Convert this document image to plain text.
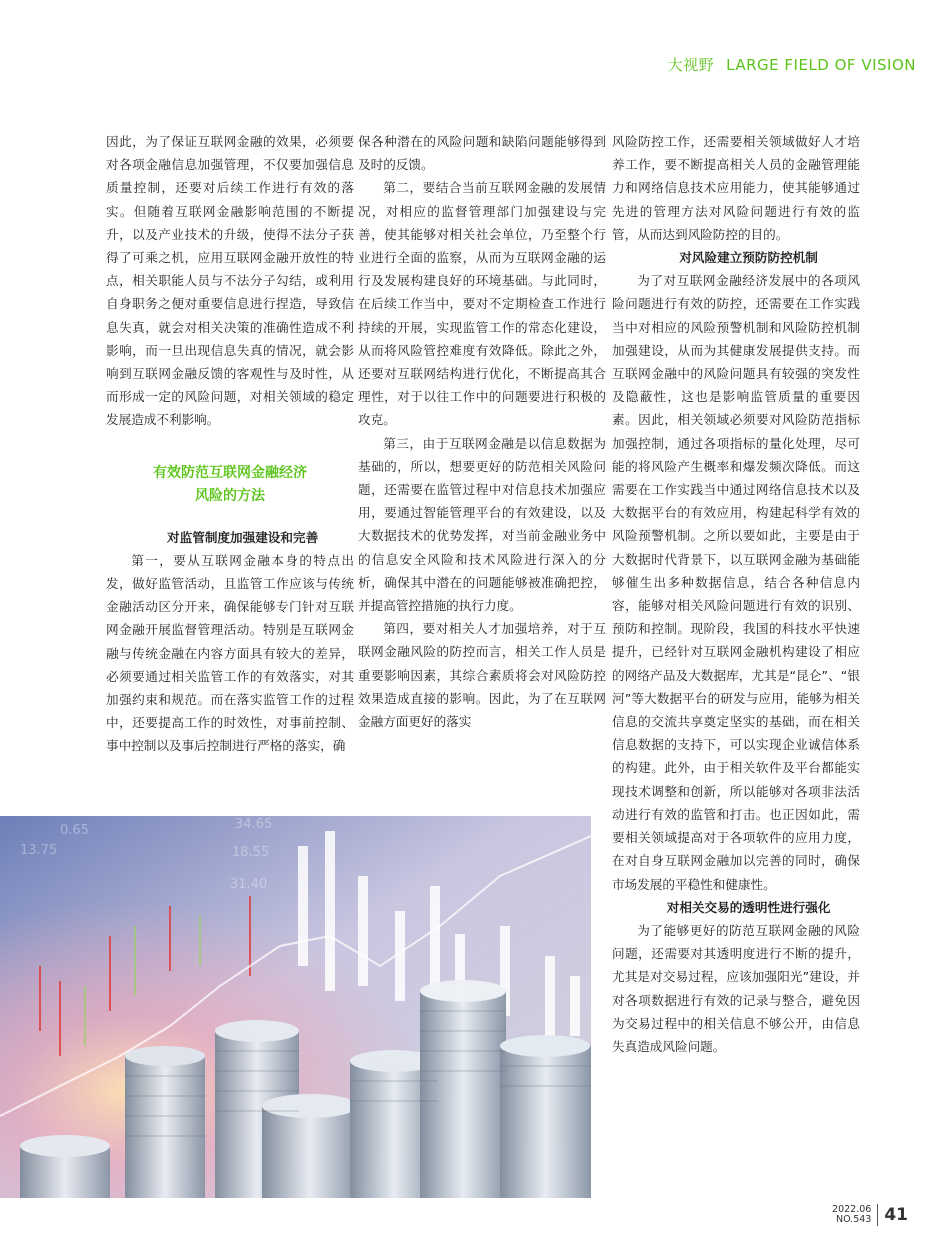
大视野 LARGE FIELD OF VISION

因此，为了保证互联网金融的效果，必须要对各项金融信息加强管理，不仅要加强信息质量控制，还要对后续工作进行有效的落实。但随着互联网金融影响范围的不断提升，以及产业技术的升级，使得不法分子获得了可乘之机，应用互联网金融开放性的特点，相关职能人员与不法分子勾结，或利用自身职务之便对重要信息进行捏造，导致信息失真，就会对相关决策的准确性造成不利影响，而一旦出现信息失真的情况，就会影响到互联网金融反馈的客观性与及时性，从而形成一定的风险问题，对相关领域的稳定发展造成不利影响。

有效防范互联网金融经济
风险的方法

对监管制度加强建设和完善

第一，要从互联网金融本身的特点出发，做好监管活动，且监管工作应该与传统金融活动区分开来，确保能够专门针对互联网金融开展监督管理活动。特别是互联网金融与传统金融在内容方面具有较大的差异，必须要通过相关监管工作的有效落实，对其加强约束和规范。而在落实监管工作的过程中，还要提高工作的时效性，对事前控制、事中控制以及事后控制进行严格的落实，确

保各种潜在的风险问题和缺陷问题能够得到及时的反馈。

第二，要结合当前互联网金融的发展情况，对相应的监督管理部门加强建设与完善，使其能够对相关社会单位，乃至整个行业进行全面的监察，从而为互联网金融的运行及发展构建良好的环境基础。与此同时，在后续工作当中，要对不定期检查工作进行持续的开展，实现监管工作的常态化建设，从而将风险管控难度有效降低。除此之外，还要对互联网结构进行优化，不断提高其合理性，对于以往工作中的问题要进行积极的攻克。

第三，由于互联网金融是以信息数据为基础的，所以，想要更好的防范相关风险问题，还需要在监管过程中对信息技术加强应用，要通过智能管理平台的有效建设，以及大数据技术的优势发挥，对当前金融业务中的信息安全风险和技术风险进行深入的分析，确保其中潜在的问题能够被准确把控，并提高管控措施的执行力度。

第四，要对相关人才加强培养，对于互联网金融风险的防控而言，相关工作人员是重要影响因素，其综合素质将会对风险防控效果造成直接的影响。因此，为了在互联网金融方面更好的落实

风险防控工作，还需要相关领域做好人才培养工作，要不断提高相关人员的金融管理能力和网络信息技术应用能力，使其能够通过先进的管理方法对风险问题进行有效的监管，从而达到风险防控的目的。

对风险建立预防防控机制

为了对互联网金融经济发展中的各项风险问题进行有效的防控，还需要在工作实践当中对相应的风险预警机制和风险防控机制加强建设，从而为其健康发展提供支持。而互联网金融中的风险问题具有较强的突发性及隐蔽性，这也是影响监管质量的重要因素。因此，相关领域必须要对风险防范指标加强控制，通过各项指标的量化处理，尽可能的将风险产生概率和爆发频次降低。而这需要在工作实践当中通过网络信息技术以及大数据平台的有效应用，构建起科学有效的风险预警机制。之所以要如此，主要是由于大数据时代背景下，以互联网金融为基础能够催生出多种数据信息，结合各种信息内容，能够对相关风险问题进行有效的识别、预防和控制。现阶段，我国的科技水平快速提升，已经针对互联网金融机构建设了相应的网络产品及大数据库，尤其是“昆仑”、“银河”等大数据平台的研发与应用，能够为相关信息的交流共享奠定坚实的基础，而在相关信息数据的支持下，可以实现企业诚信体系的构建。此外，由于相关软件及平台都能实现技术调整和创新，所以能够对各项非法活动进行有效的监管和打击。也正因如此，需要相关领域提高对于各项软件的应用力度，在对自身互联网金融加以完善的同时，确保市场发展的平稳性和健康性。

对相关交易的透明性进行强化

为了能够更好的防范互联网金融的风险问题，还需要对其透明度进行不断的提升，尤其是对交易过程，应该加强阳光”建设，并对各项数据进行有效的记录与整合，避免因为交易过程中的相关信息不够公开，由信息失真造成风险问题。

34.65
18.55
13.75
0.65
31.40
2022.06
NO.543 41
